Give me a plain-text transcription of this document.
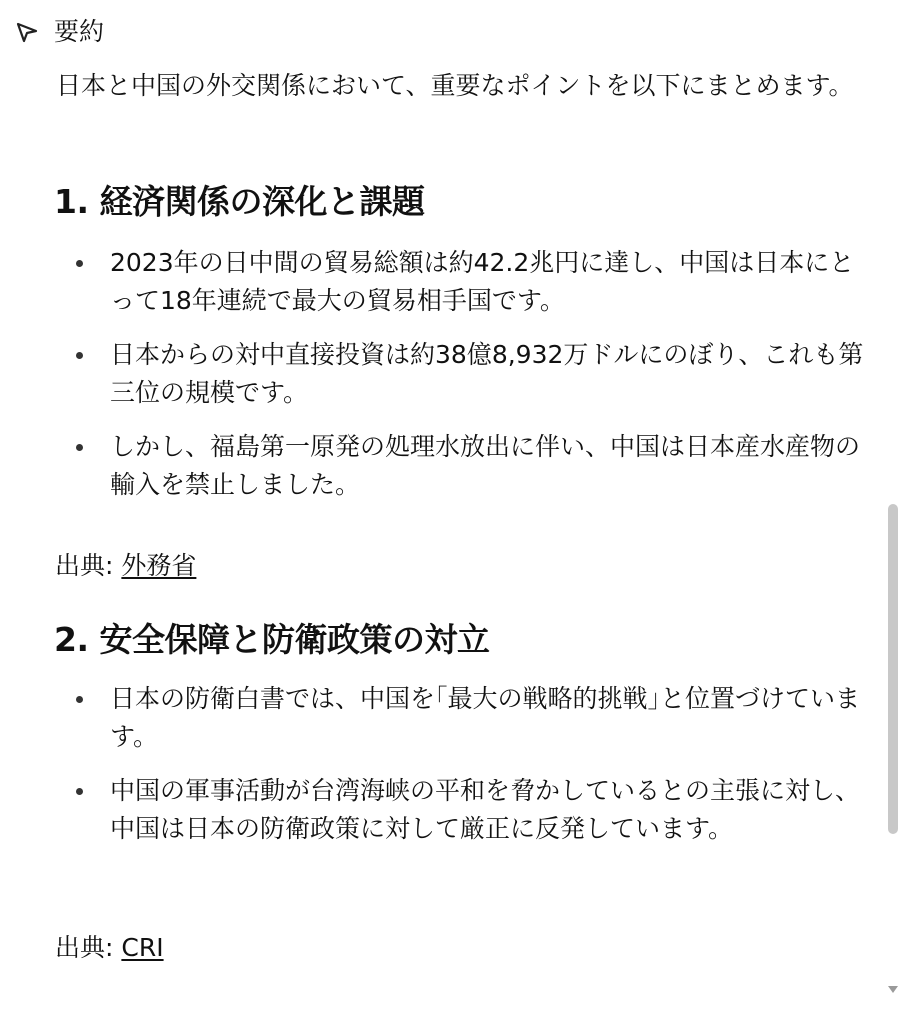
要約

日本と中国の外交関係において、重要なポイントを以下にまとめます。

1. 経済関係の深化と課題
2023年の日中間の貿易総額は約42.2兆円に達し、中国は日本にとって18年連続で最大の貿易相手国です。
日本からの対中直接投資は約38億8,932万ドルにのぼり、これも第三位の規模です。
しかし、福島第一原発の処理水放出に伴い、中国は日本産水産物の輸入を禁止しました。
出典: 外務省
2. 安全保障と防衛政策の対立
日本の防衛白書では、中国を｢最大の戦略的挑戦｣と位置づけています。
中国の軍事活動が台湾海峡の平和を脅かしているとの主張に対し、中国は日本の防衛政策に対して厳正に反発しています。
出典: CRI
